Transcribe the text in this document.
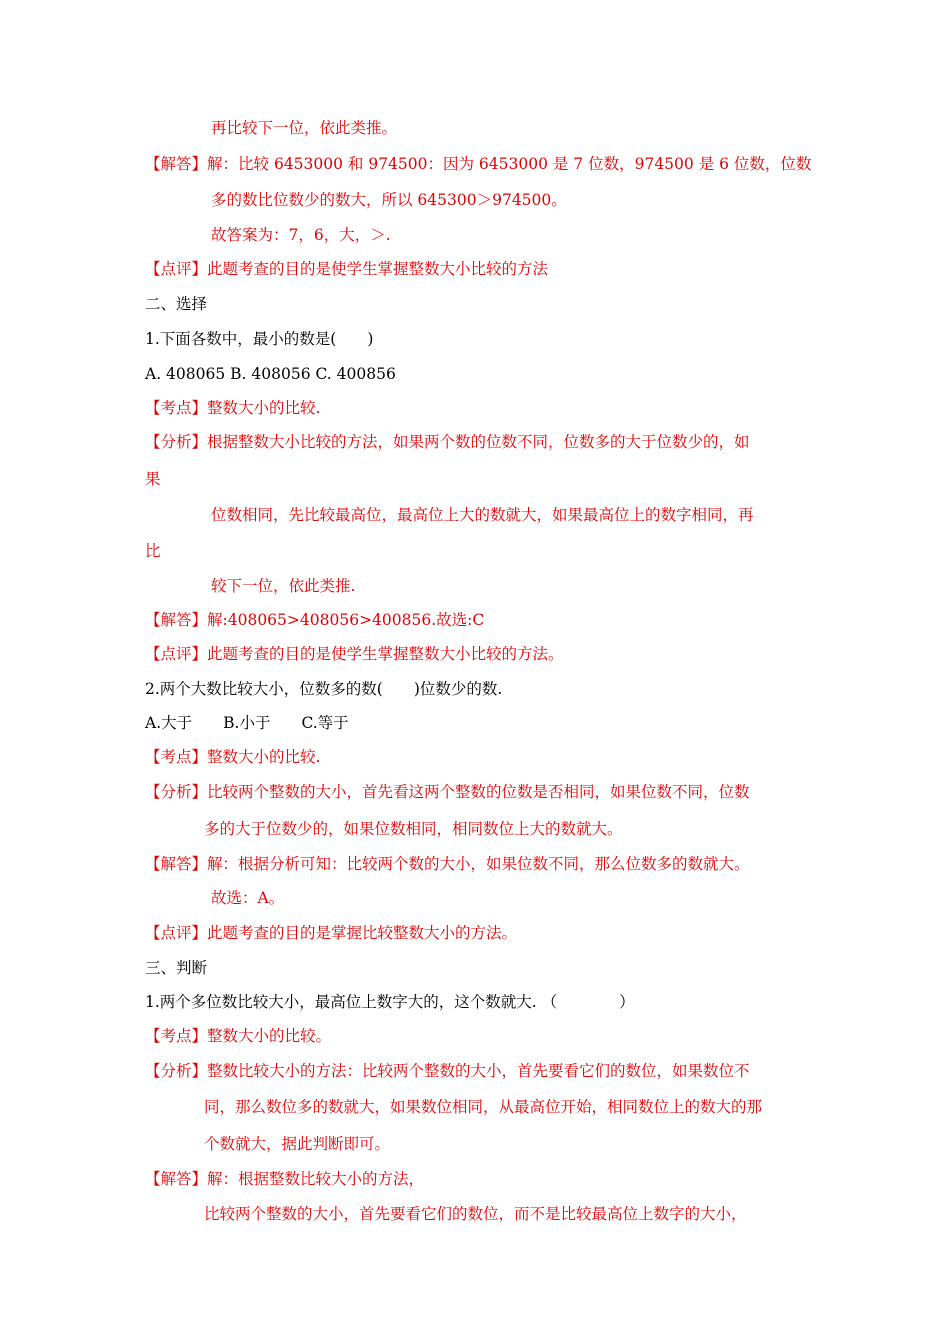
再比较下一位，依此类推。
【解答】解：比较 6453000 和 974500：因为 6453000 是 7 位数，974500 是 6 位数，位数
多的数比位数少的数大，所以 645300＞974500。
故答案为：7，6，大，＞.
【点评】此题考查的目的是使学生掌握整数大小比较的方法
二、选择
1.下面各数中，最小的数是(　　)
A. 408065 B. 408056 C. 400856
【考点】整数大小的比较.
【分析】根据整数大小比较的方法，如果两个数的位数不同，位数多的大于位数少的，如
果
位数相同，先比较最高位，最高位上大的数就大，如果最高位上的数字相同，再
比
较下一位，依此类推.
【解答】解:408065>408056>400856.故选:C
【点评】此题考查的目的是使学生掌握整数大小比较的方法。
2.两个大数比较大小，位数多的数(　　)位数少的数.
A.大于　　B.小于　　C.等于
【考点】整数大小的比较.
【分析】比较两个整数的大小，首先看这两个整数的位数是否相同，如果位数不同，位数
多的大于位数少的，如果位数相同，相同数位上大的数就大。
【解答】解：根据分析可知：比较两个数的大小，如果位数不同，那么位数多的数就大。
故选：A。
【点评】此题考查的目的是掌握比较整数大小的方法。
三、判断
1.两个多位数比较大小，最高位上数字大的，这个数就大. （　　　　）
【考点】整数大小的比较。
【分析】整数比较大小的方法：比较两个整数的大小，首先要看它们的数位，如果数位不
同，那么数位多的数就大，如果数位相同，从最高位开始，相同数位上的数大的那
个数就大，据此判断即可。
【解答】解：根据整数比较大小的方法，
比较两个整数的大小，首先要看它们的数位，而不是比较最高位上数字的大小，
